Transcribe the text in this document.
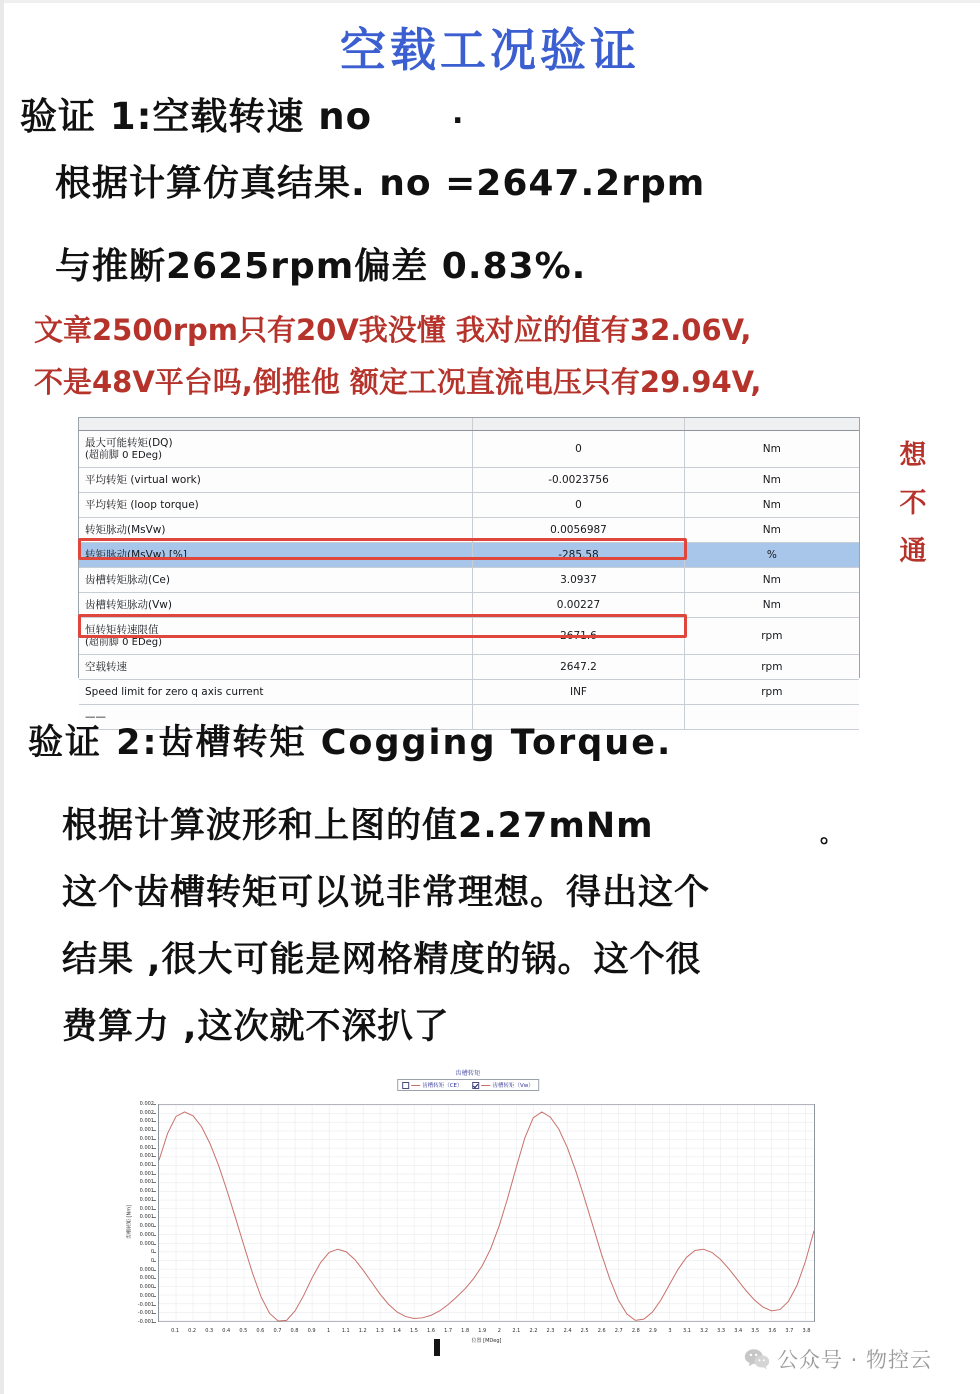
空载工况验证
验证 1:空载转速 no	.
根据计算仿真结果. no =2647.2rpm
与推断2625rpm偏差 0.83%.
文章2500rpm只有20V我没懂 我对应的值有32.06V,
不是48V平台吗,倒推他 额定工况直流电压只有29.94V,
想
不
通

最大可能转矩(DQ)
(超前脚 0 EDeg)	0	Nm
平均转矩 (virtual work)	-0.0023756	Nm
平均转矩 (loop torque)	0	Nm
转矩脉动(MsVw)	0.0056987	Nm
转矩脉动(MsVw) [%]	-285.58	%
齿槽转矩脉动(Ce)	3.0937	Nm
齿槽转矩脉动(Vw)	0.00227	Nm
恒转矩转速限值
(超前脚 0 EDeg)	2671.6	rpm
空载转速	2647.2	rpm
Speed limit for zero q axis current	INF	rpm
——		
验证 2:齿槽转矩 Cogging Torque.
根据计算波形和上图的值2.27mNm	。
这个齿槽转矩可以说非常理想。得出这个
结果 ,很大可能是网格精度的锅。这个很
费算力 ,这次就不深扒了
齿槽转矩
齿槽转矩（CE）	齿槽转矩（Vw）
0.002
0.002
0.001
0.001
0.001
0.001
0.001
0.001
0.001
0.001
0.001
0.001
0.001
0.001
0.000
0.000
0.000
0
0
0.000
0.000
0.000
0.000
-0.001
-0.001
-0.001
齿槽转矩 [Nm]
位置 [MDeg]
0.1 0.2 0.3 0.4 0.5 0.6 0.7 0.8 0.9 1 1.1 1.2 1.3 1.4 1.5 1.6 1.7 1.8 1.9 2 2.1 2.2 2.3 2.4 2.5 2.6 2.7 2.8 2.9 3 3.1 3.2 3.3 3.4 3.5 3.6 3.7 3.8
公众号 · 物控云
